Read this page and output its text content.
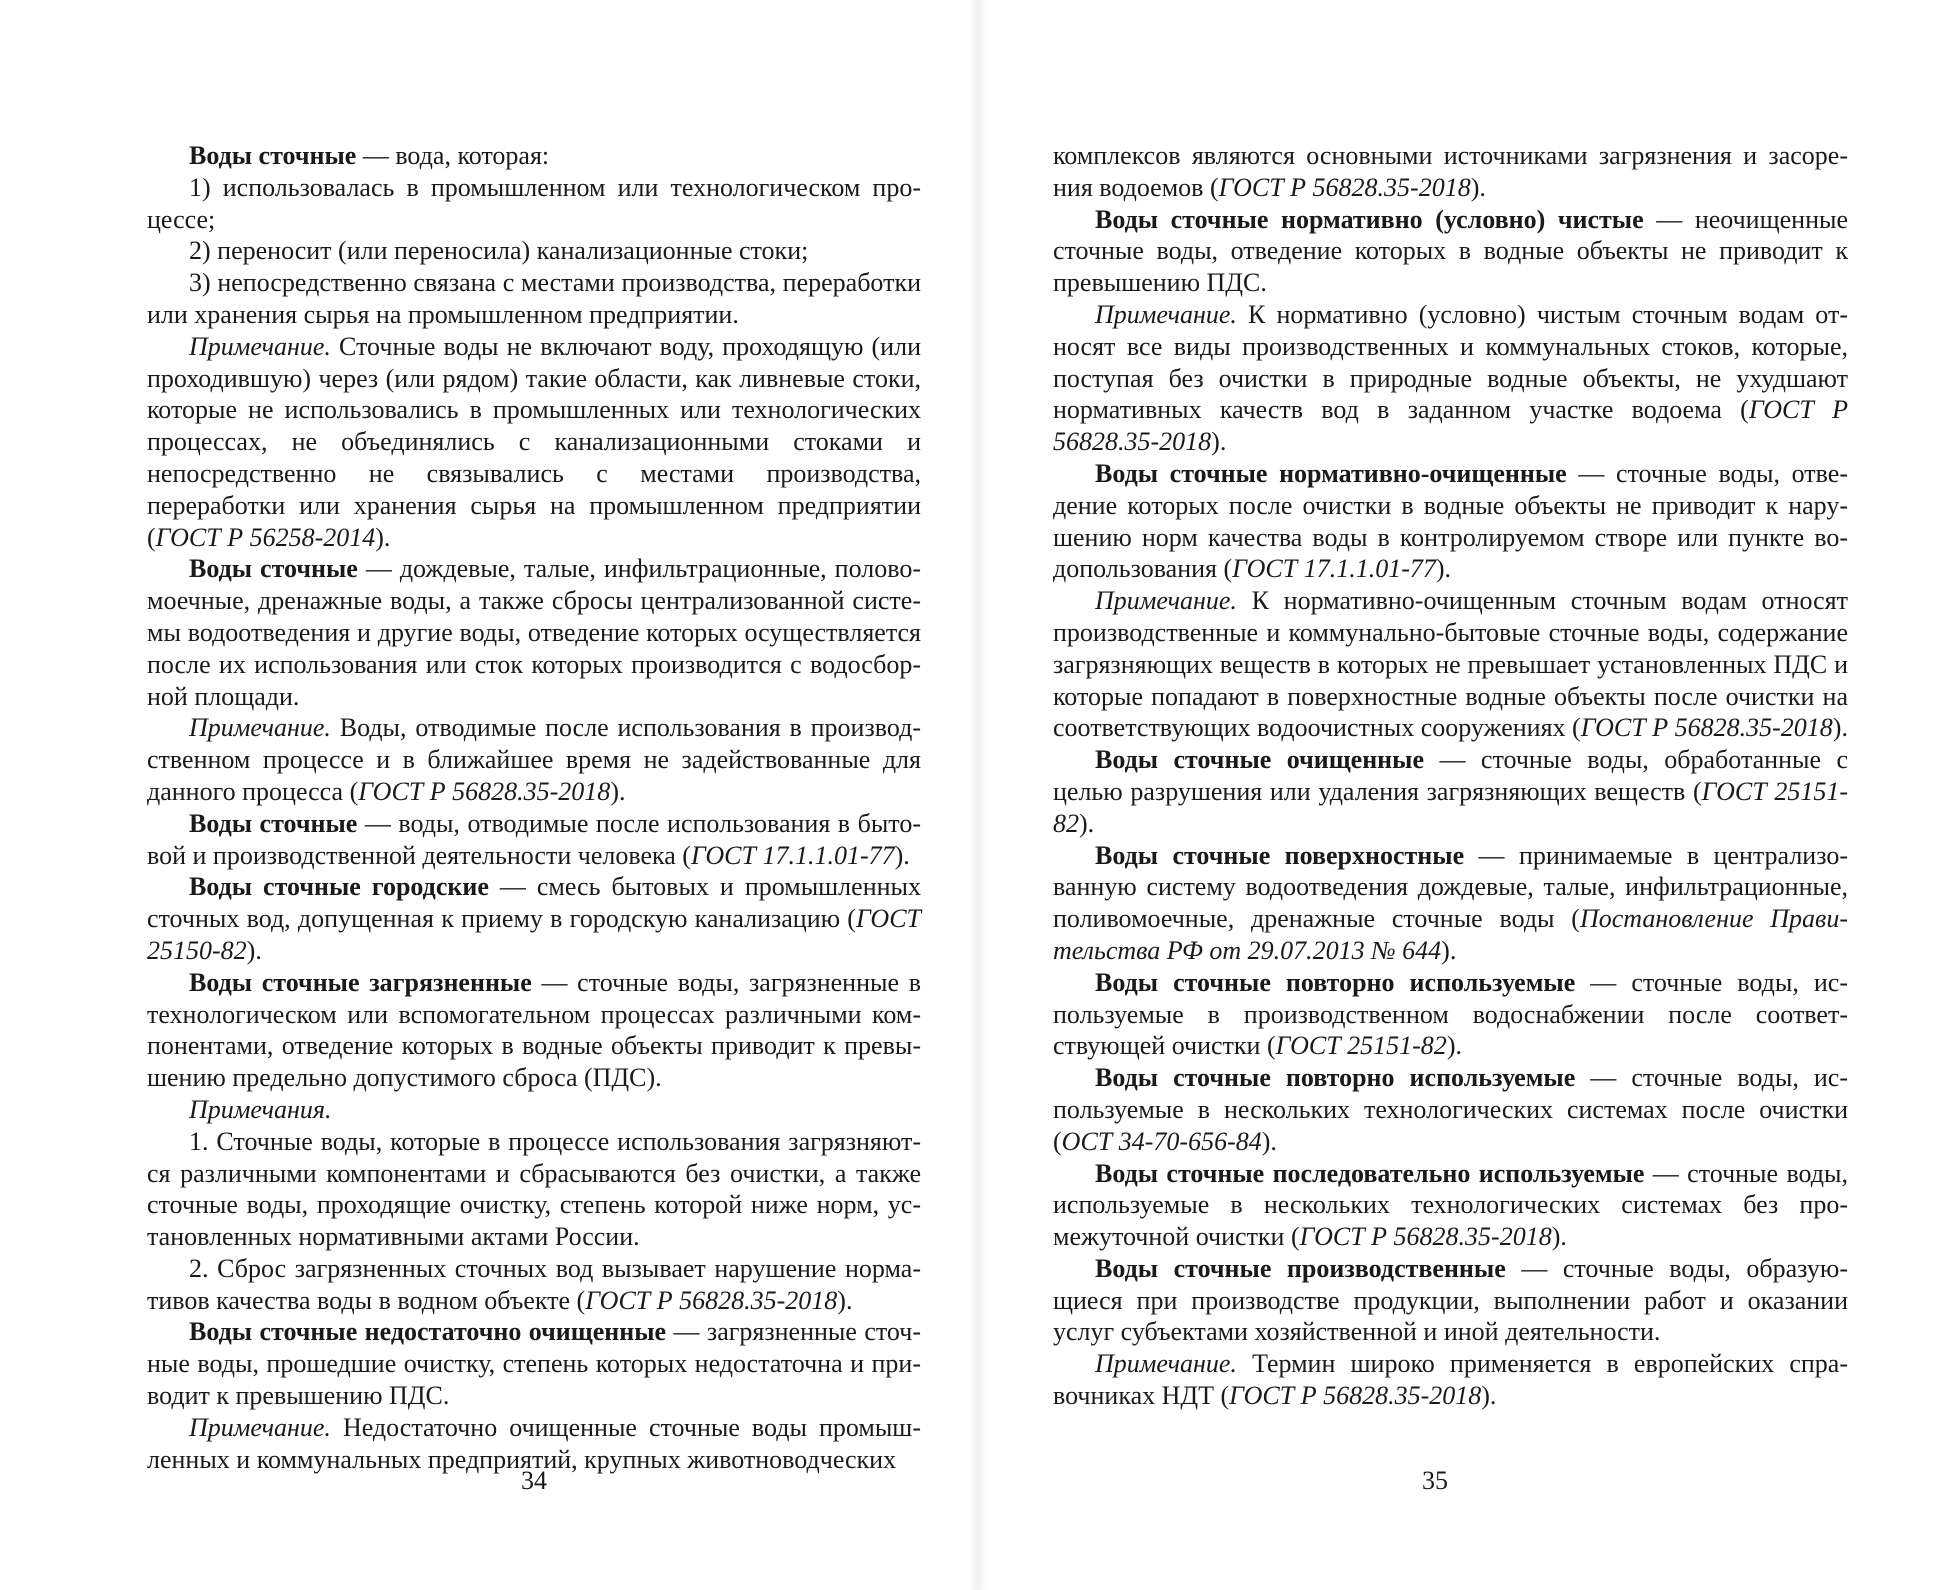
Воды сточные — вода, которая:

1) использовалась в промышленном или технологическом процессе;

2) переносит (или переносила) канализационные стоки;

3) непосредственно связана с местами производства, переработки или хранения сырья на промышленном предприятии.

Примечание. Сточные воды не включают воду, проходящую (или проходившую) через (или рядом) такие области, как ливневые стоки, которые не использовались в промышленных или технологических процессах, не объединялись с канализационными стоками и непосредственно не связывались с местами производства, переработки или хранения сырья на промышленном предприятии (ГОСТ Р 56258-2014).

Воды сточные — дождевые, талые, инфильтрационные, половомоечные, дренажные воды, а также сбросы централизованной системы водоотведения и другие воды, отведение которых осуществляется после их использования или сток которых производится с водосборной площади.

Примечание. Воды, отводимые после использования в производственном процессе и в ближайшее время не задействованные для данного процесса (ГОСТ Р 56828.35-2018).

Воды сточные — воды, отводимые после использования в бытовой и производственной деятельности человека (ГОСТ 17.1.1.01-77).

Воды сточные городские — смесь бытовых и промышленных сточных вод, допущенная к приему в городскую канализацию (ГОСТ 25150-82).

Воды сточные загрязненные — сточные воды, загрязненные в технологическом или вспомогательном процессах различными компонентами, отведение которых в водные объекты приводит к превышению предельно допустимого сброса (ПДС).

Примечания.

1. Сточные воды, которые в процессе использования загрязняются различными компонентами и сбрасываются без очистки, а также сточные воды, проходящие очистку, степень которой ниже норм, установленных нормативными актами России.

2. Сброс загрязненных сточных вод вызывает нарушение нормативов качества воды в водном объекте (ГОСТ Р 56828.35-2018).

Воды сточные недостаточно очищенные — загрязненные сточные воды, прошедшие очистку, степень которых недостаточна и приводит к превышению ПДС.

Примечание. Недостаточно очищенные сточные воды промышленных и коммунальных предприятий, крупных животноводческих

34

комплексов являются основными источниками загрязнения и засорения водоемов (ГОСТ Р 56828.35-2018).

Воды сточные нормативно (условно) чистые — неочищенные сточные воды, отведение которых в водные объекты не приводит к превышению ПДС.

Примечание. К нормативно (условно) чистым сточным водам относят все виды производственных и коммунальных стоков, которые, поступая без очистки в природные водные объекты, не ухудшают нормативных качеств вод в заданном участке водоема (ГОСТ Р 56828.35-2018).

Воды сточные нормативно-очищенные — сточные воды, отведение которых после очистки в водные объекты не приводит к нарушению норм качества воды в контролируемом створе или пункте водопользования (ГОСТ 17.1.1.01-77).

Примечание. К нормативно-очищенным сточным водам относят производственные и коммунально-бытовые сточные воды, содержание загрязняющих веществ в которых не превышает установленных ПДС и которые попадают в поверхностные водные объекты после очистки на соответствующих водоочистных сооружениях (ГОСТ Р 56828.35-2018).

Воды сточные очищенные — сточные воды, обработанные с целью разрушения или удаления загрязняющих веществ (ГОСТ 25151-82).

Воды сточные поверхностные — принимаемые в централизованную систему водоотведения дождевые, талые, инфильтрационные, поливомоечные, дренажные сточные воды (Постановление Правительства РФ от 29.07.2013 № 644).

Воды сточные повторно используемые — сточные воды, используемые в производственном водоснабжении после соответствующей очистки (ГОСТ 25151-82).

Воды сточные повторно используемые — сточные воды, используемые в нескольких технологических системах после очистки (ОСТ 34-70-656-84).

Воды сточные последовательно используемые — сточные воды, используемые в нескольких технологических системах без промежуточной очистки (ГОСТ Р 56828.35-2018).

Воды сточные производственные — сточные воды, образующиеся при производстве продукции, выполнении работ и оказании услуг субъектами хозяйственной и иной деятельности.

Примечание. Термин широко применяется в европейских справочниках НДТ (ГОСТ Р 56828.35-2018).

35
